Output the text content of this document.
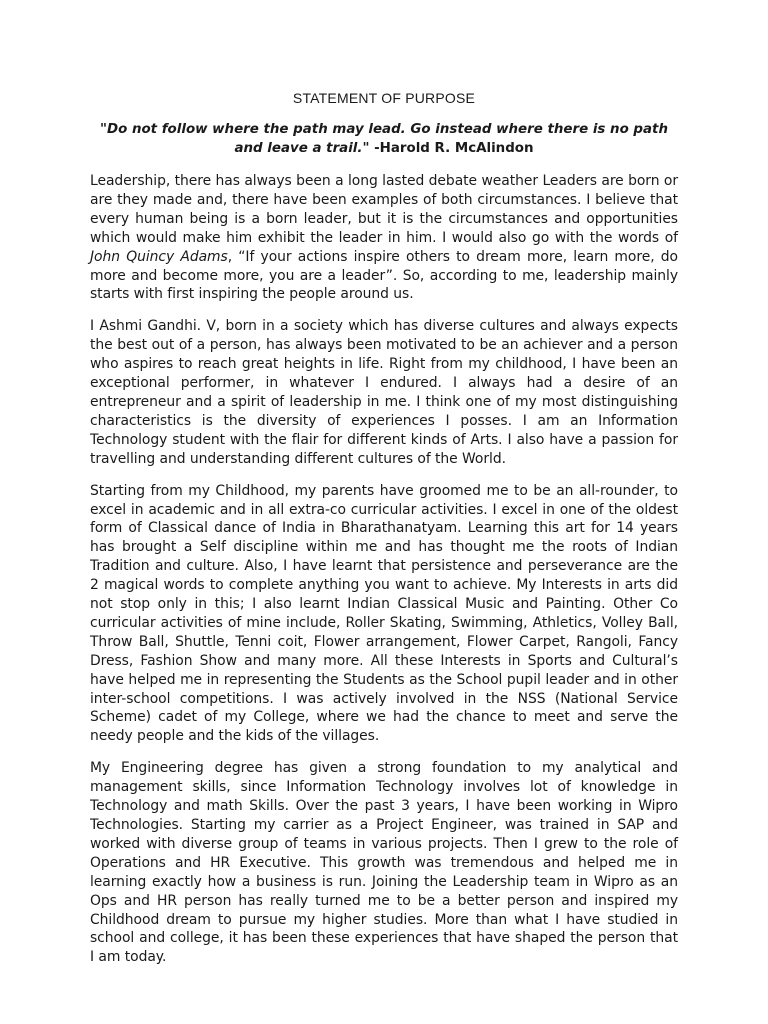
STATEMENT OF PURPOSE
"Do not follow where the path may lead. Go instead where there is no path and leave a trail." -Harold R. McAlindon

Leadership, there has always been a long lasted debate weather Leaders are born or are they made and, there have been examples of both circumstances. I believe that every human being is a born leader, but it is the circumstances and opportunities which would make him exhibit the leader in him. I would also go with the words of John Quincy Adams, “If your actions inspire others to dream more, learn more, do more and become more, you are a leader”. So, according to me, leadership mainly starts with first inspiring the people around us.

I Ashmi Gandhi. V, born in a society which has diverse cultures and always expects the best out of a person, has always been motivated to be an achiever and a person who aspires to reach great heights in life. Right from my childhood, I have been an exceptional performer, in whatever I endured. I always had a desire of an entrepreneur and a spirit of leadership in me. I think one of my most distinguishing characteristics is the diversity of experiences I posses. I am an Information Technology student with the flair for different kinds of Arts. I also have a passion for travelling and understanding different cultures of the World.

Starting from my Childhood, my parents have groomed me to be an all-rounder, to excel in academic and in all extra-co curricular activities. I excel in one of the oldest form of Classical dance of India in Bharathanatyam. Learning this art for 14 years has brought a Self discipline within me and has thought me the roots of Indian Tradition and culture. Also, I have learnt that persistence and perseverance are the 2 magical words to complete anything you want to achieve. My Interests in arts did not stop only in this; I also learnt Indian Classical Music and Painting. Other Co curricular activities of mine include, Roller Skating, Swimming, Athletics, Volley Ball, Throw Ball, Shuttle, Tenni coit, Flower arrangement, Flower Carpet, Rangoli, Fancy Dress, Fashion Show and many more. All these Interests in Sports and Cultural’s have helped me in representing the Students as the School pupil leader and in other inter-school competitions. I was actively involved in the NSS (National Service Scheme) cadet of my College, where we had the chance to meet and serve the needy people and the kids of the villages.

My Engineering degree has given a strong foundation to my analytical and management skills, since Information Technology involves lot of knowledge in Technology and math Skills. Over the past 3 years, I have been working in Wipro Technologies. Starting my carrier as a Project Engineer, was trained in SAP and worked with diverse group of teams in various projects. Then I grew to the role of Operations and HR Executive. This growth was tremendous and helped me in learning exactly how a business is run. Joining the Leadership team in Wipro as an Ops and HR person has really turned me to be a better person and inspired my Childhood dream to pursue my higher studies. More than what I have studied in school and college, it has been these experiences that have shaped the person that I am today.
